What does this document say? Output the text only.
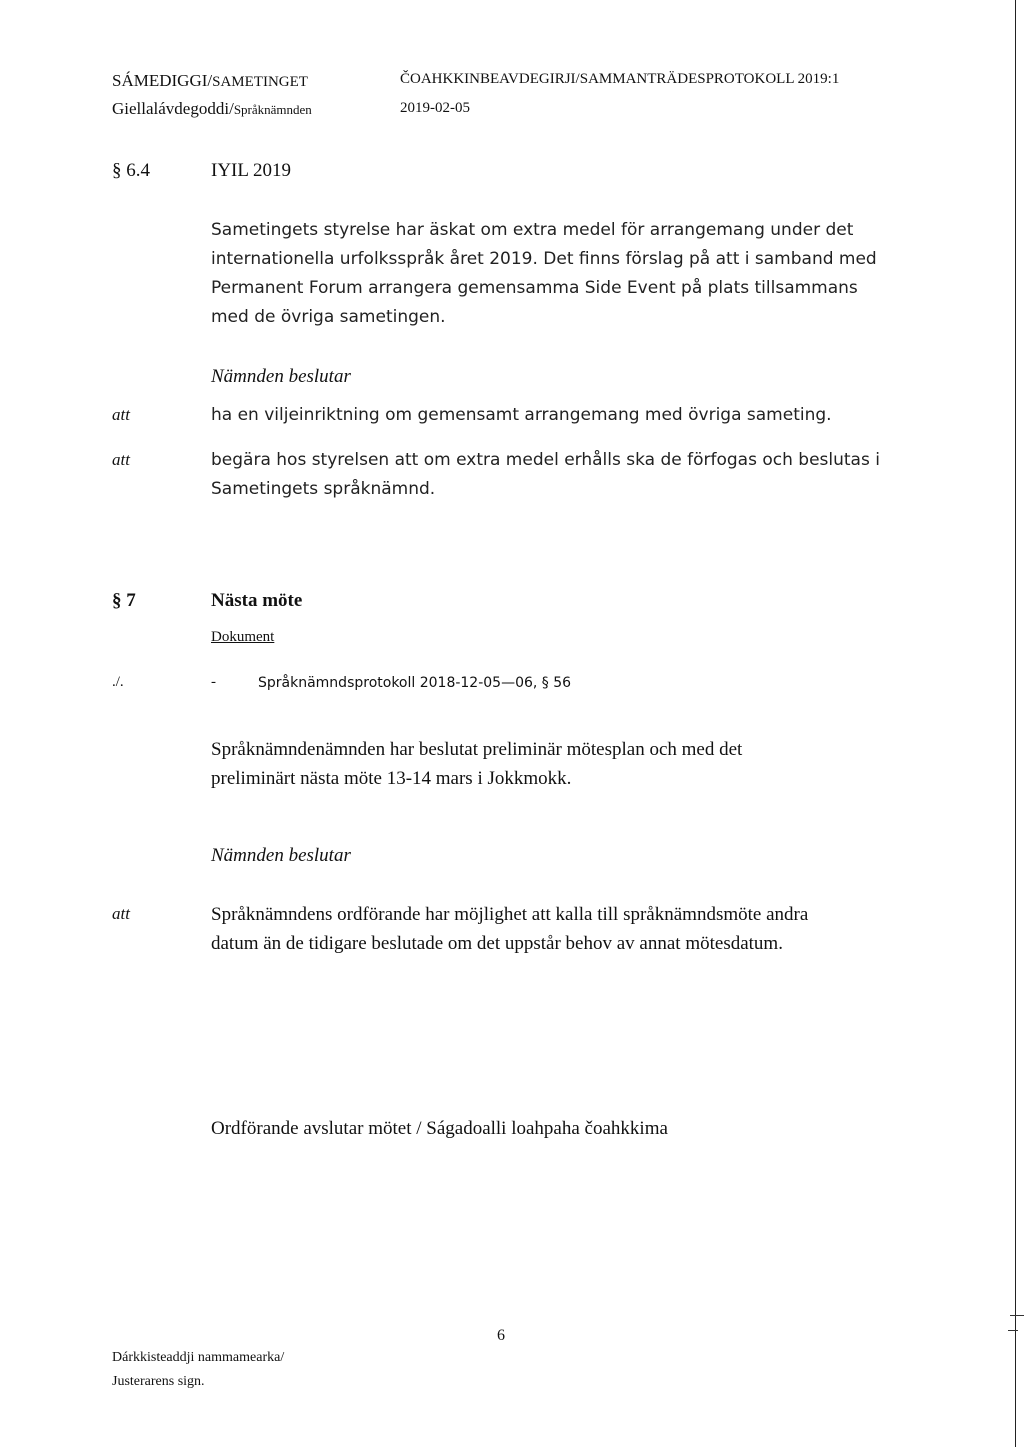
SÁMEDIGGI/SAMETINGET
Giellalávdegoddi/Språknämnden
ČOAHKKINBEAVDEGIRJI/SAMMANTRÄDESPROTOKOLL 2019:1
2019-02-05
§ 6.4	IYIL 2019
Sametingets styrelse har äskat om extra medel för arrangemang under det
internationella urfolksspråk året 2019. Det finns förslag på att i samband med
Permanent Forum arrangera gemensamma Side Event på plats tillsammans
med de övriga sametingen.
Nämnden beslutar
att	ha en viljeinriktning om gemensamt arrangemang med övriga sameting.
att	begära hos styrelsen att om extra medel erhålls ska de förfogas och beslutas i
Sametingets språknämnd.
§ 7	Nästa möte
Dokument
./.	-	Språknämndsprotokoll 2018-12-05—06, § 56
Språknämndenämnden har beslutat preliminär mötesplan och med det
preliminärt nästa möte 13-14 mars i Jokkmokk.
Nämnden beslutar
att	Språknämndens ordförande har möjlighet att kalla till språknämndsmöte andra
datum än de tidigare beslutade om det uppstår behov av annat mötesdatum.
Ordförande avslutar mötet / Ságadoalli loahpaha čoahkkima
6
Dárkkisteaddji nammamearka/
Justerarens sign.
